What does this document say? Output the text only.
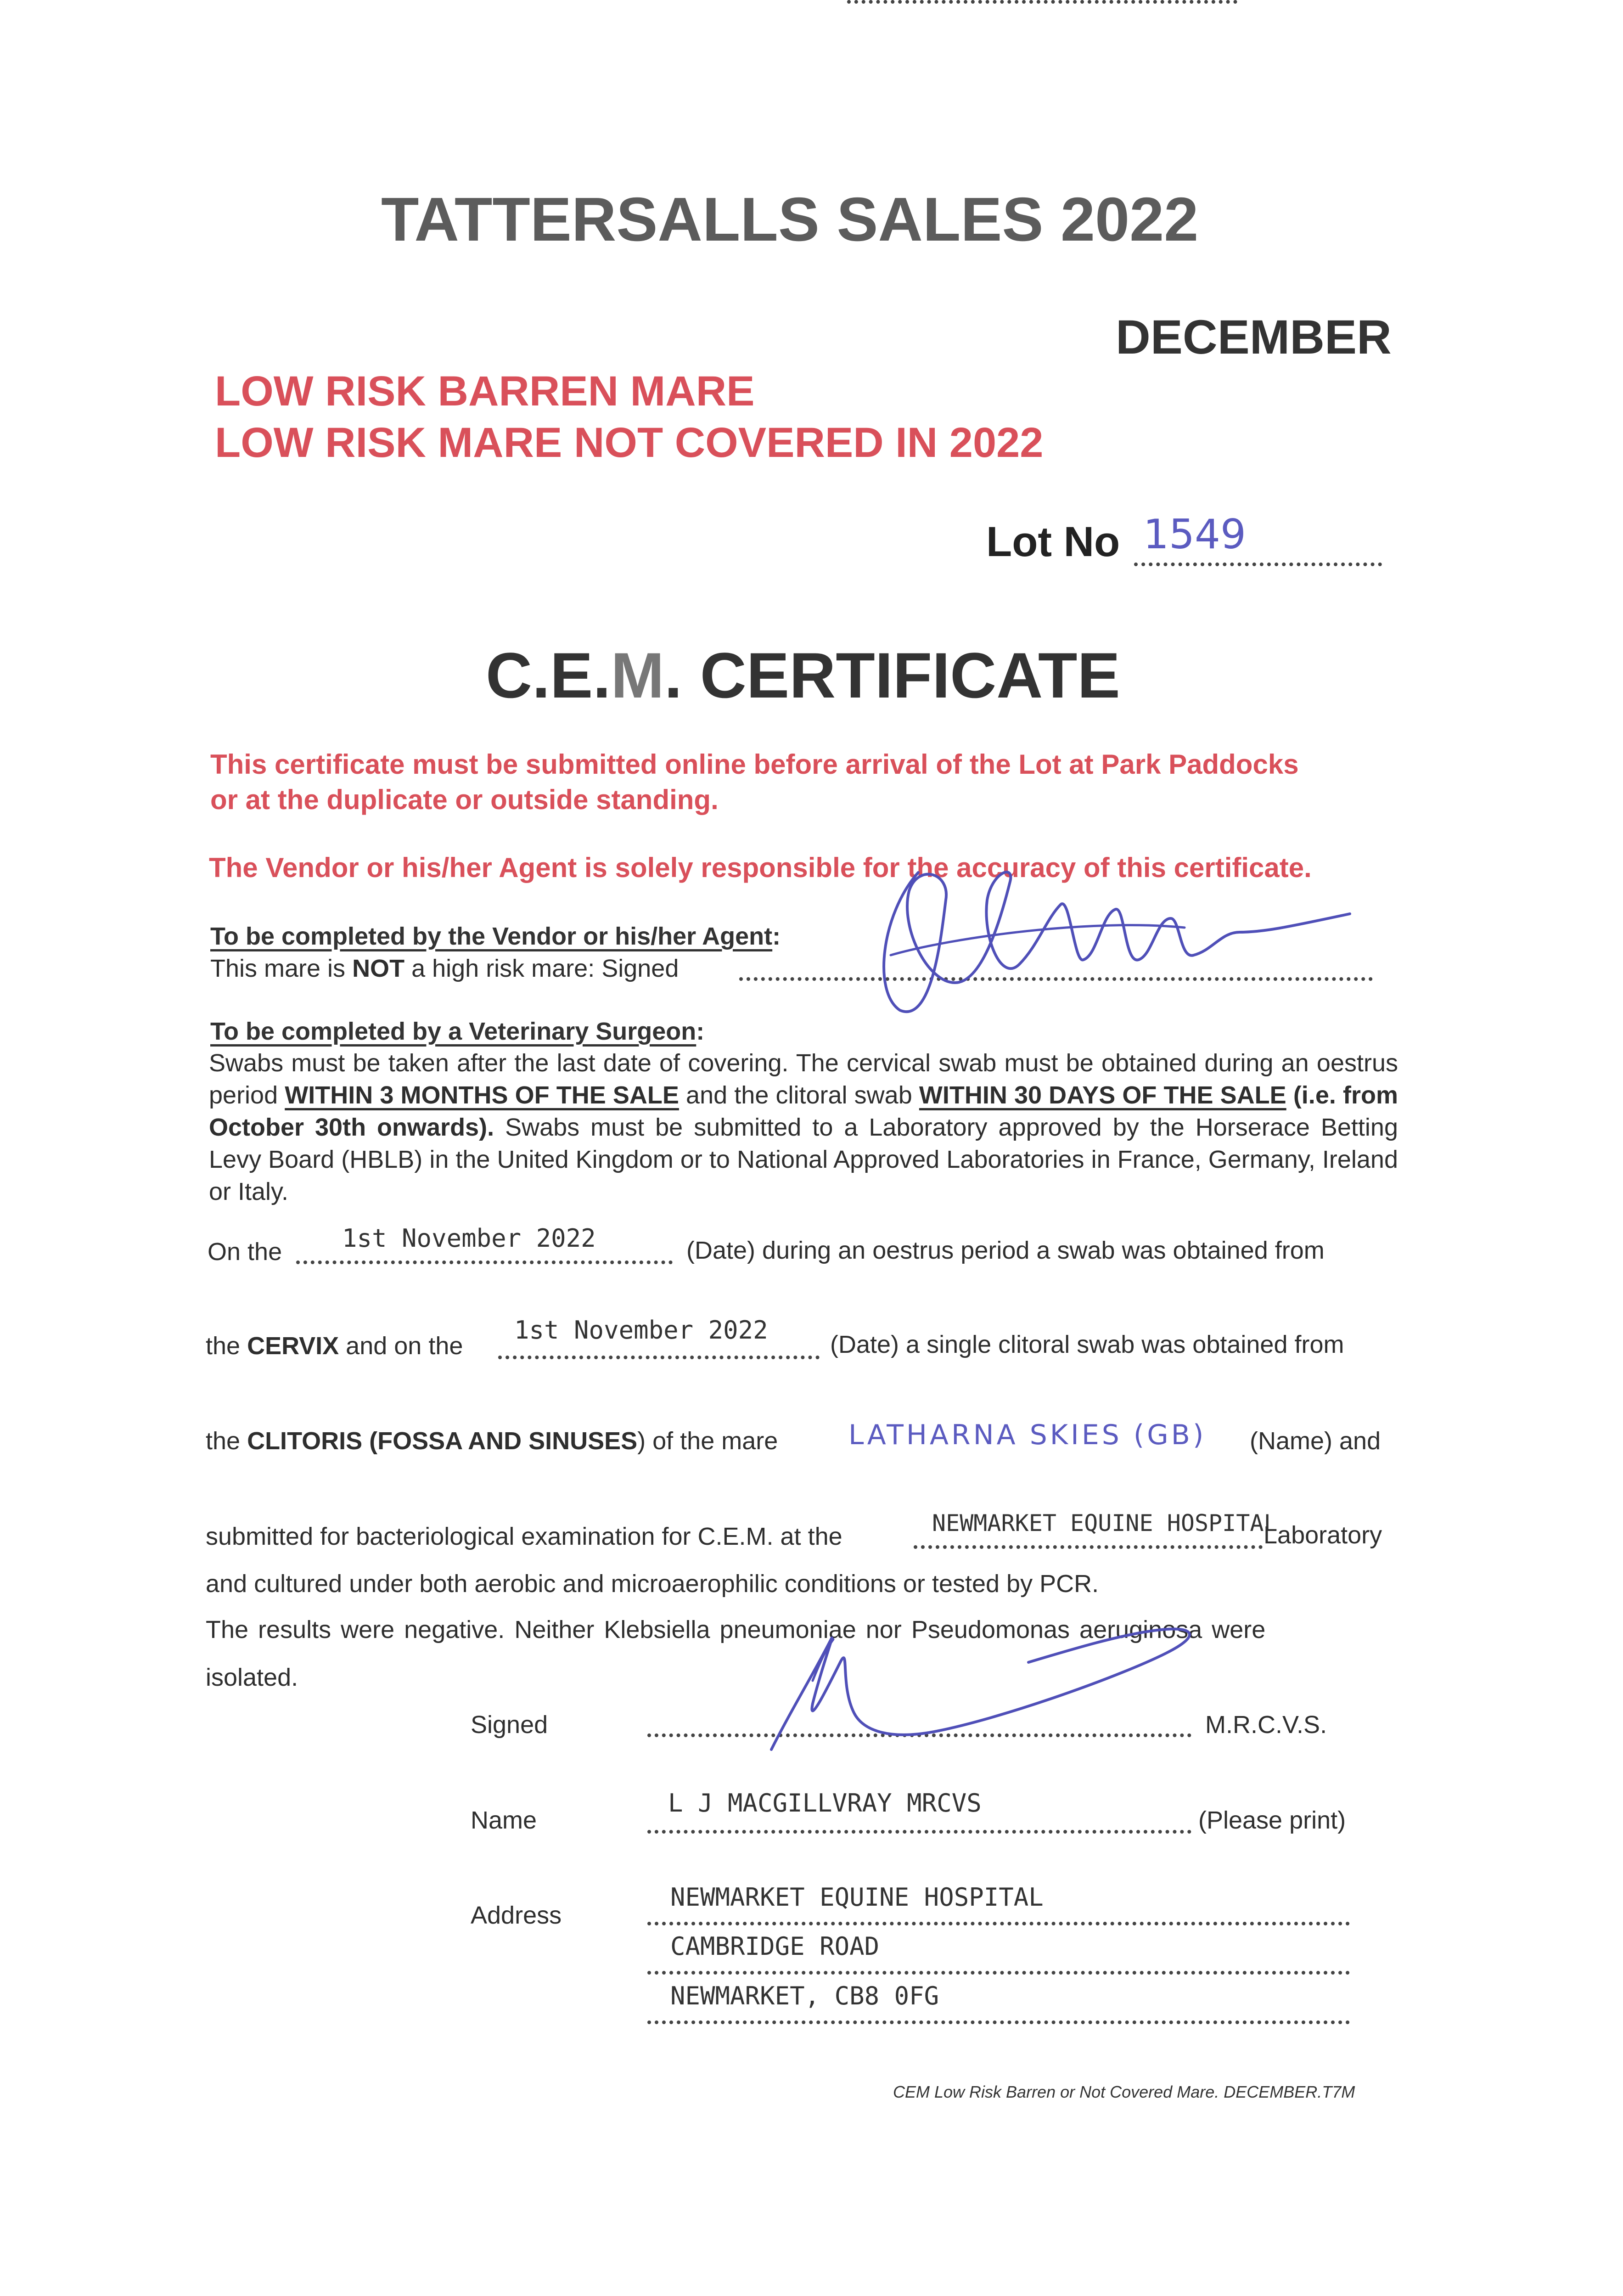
TATTERSALLS SALES 2022
DECEMBER
LOW RISK BARREN MARE
LOW RISK MARE NOT COVERED IN 2022
Lot No 1549
C.E.M. CERTIFICATE
This certificate must be submitted online before arrival of the Lot at Park Paddocks
or at the duplicate or outside standing.
The Vendor or his/her Agent is solely responsible for the accuracy of this certificate.
To be completed by the Vendor or his/her Agent:
This mare is NOT a high risk mare: Signed
To be completed by a Veterinary Surgeon:
Swabs must be taken after the last date of covering. The cervical swab must be obtained during an oestrus period WITHIN 3 MONTHS OF THE SALE and the clitoral swab WITHIN 30 DAYS OF THE SALE (i.e. from October 30th onwards). Swabs must be submitted to a Laboratory approved by the Horserace Betting Levy Board (HBLB) in the United Kingdom or to National Approved Laboratories in France, Germany, Ireland or Italy.
On the 1st November 2022	(Date) during an oestrus period a swab was obtained from
the CERVIX and on the
1st November 2022	(Date) a single clitoral swab was obtained from
the CLITORIS (FOSSA AND SINUSES) of the mare	LATHARNA SKIES (GB) (Name) and
submitted for bacteriological examination for C.E.M. at the	NEWMARKET EQUINE HOSPITAL
Laboratory
and cultured under both aerobic and microaerophilic conditions or tested by PCR.
The results were negative. Neither Klebsiella pneumoniae nor Pseudomonas aeruginosa were
isolated.
Signed	M.R.C.V.S.
Name
L J MACGILLVRAY MRCVS
(Please print)
Address
NEWMARKET EQUINE HOSPITAL
CAMBRIDGE ROAD
NEWMARKET, CB8 0FG
CEM Low Risk Barren or Not Covered Mare. DECEMBER.T7M
